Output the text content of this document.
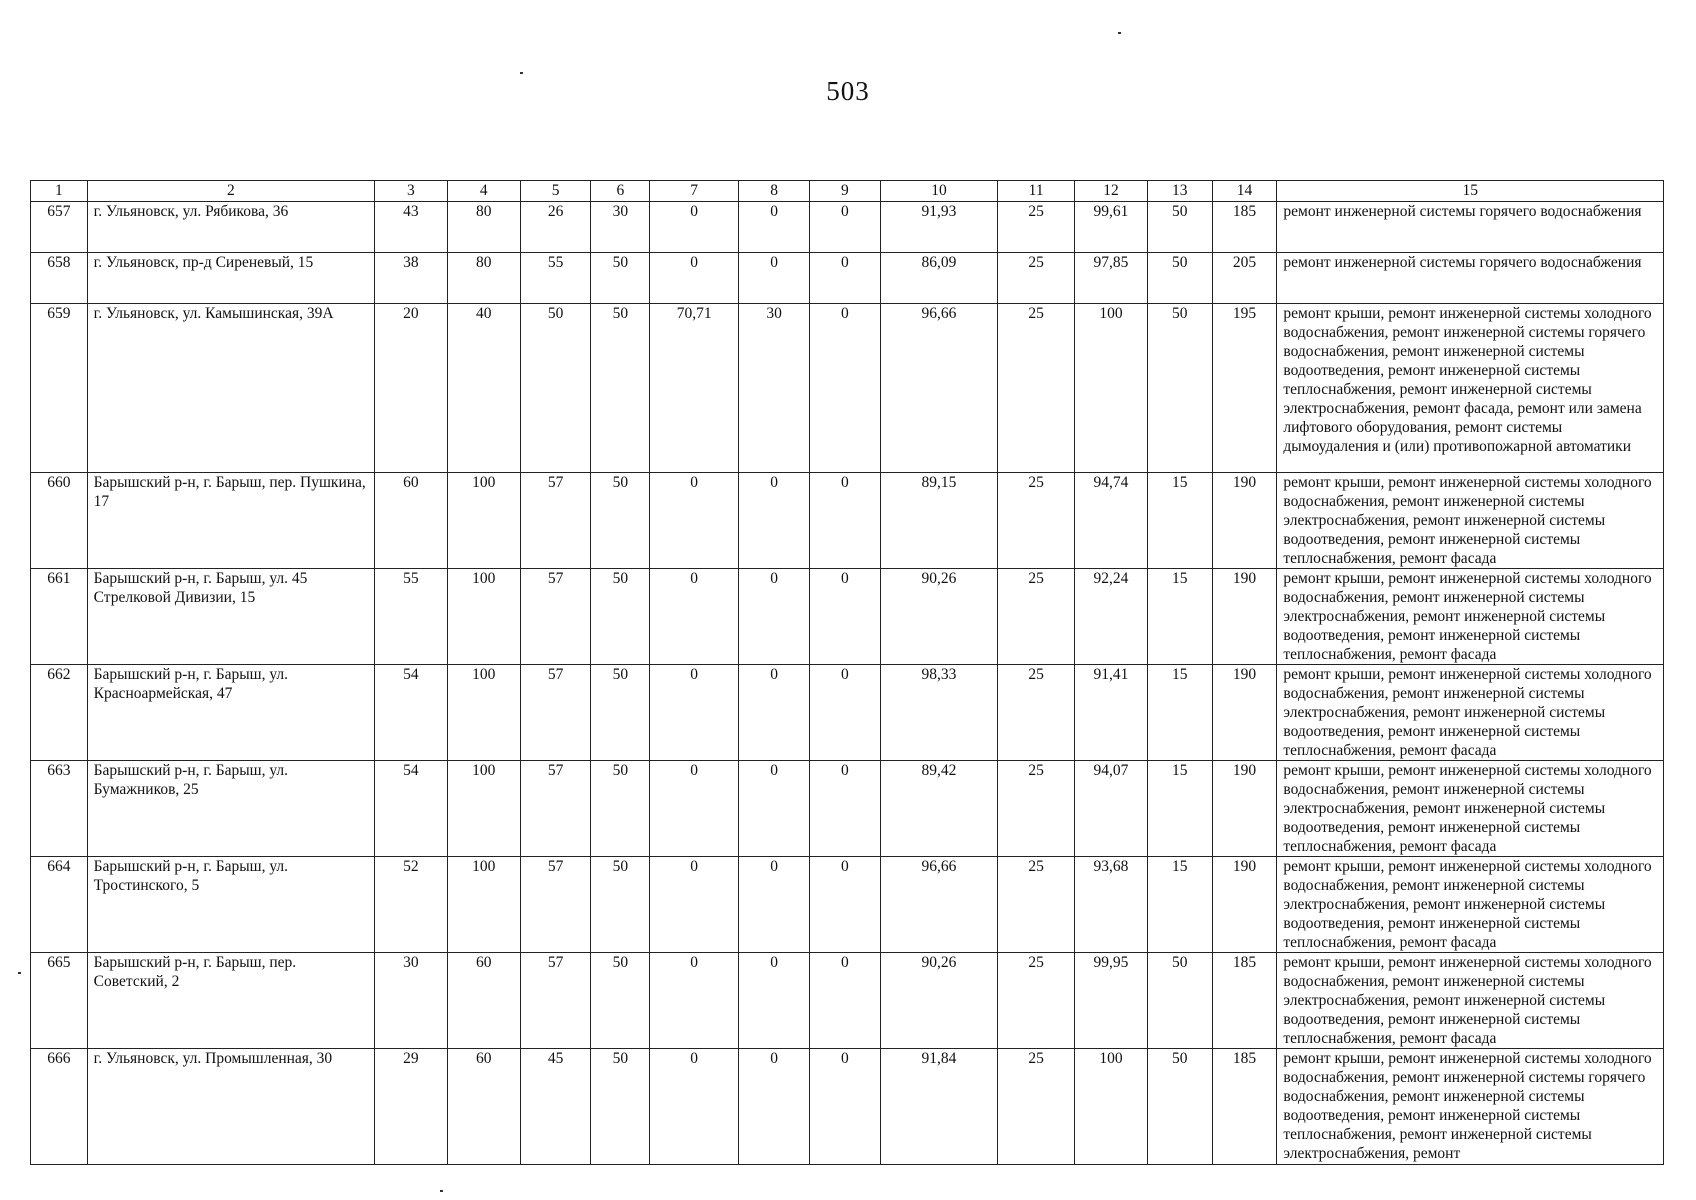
503
1	2	3	4	5	6	7	8	9	10	11	12	13	14	15
657	г. Ульяновск, ул. Рябикова, 36	43	80	26	30	0	0	0	91,93	25	99,61	50	185	ремонт инженерной системы горячего водоснабжения
658	г. Ульяновск, пр-д Сиреневый, 15	38	80	55	50	0	0	0	86,09	25	97,85	50	205	ремонт инженерной системы горячего водоснабжения
659	г. Ульяновск, ул. Камышинская, 39А	20	40	50	50	70,71	30	0	96,66	25	100	50	195	ремонт крыши, ремонт инженерной системы холодного водоснабжения, ремонт инженерной системы горячего водоснабжения, ремонт инженерной системы водоотведения, ремонт инженерной системы теплоснабжения, ремонт инженерной системы электроснабжения, ремонт фасада, ремонт или замена лифтового оборудования, ремонт системы дымоудаления и (или) противопожарной автоматики
660	Барышский р-н, г. Барыш, пер. Пушкина, 17	60	100	57	50	0	0	0	89,15	25	94,74	15	190	ремонт крыши, ремонт инженерной системы холодного водоснабжения, ремонт инженерной системы электроснабжения, ремонт инженерной системы водоотведения, ремонт инженерной системы теплоснабжения, ремонт фасада
661	Барышский р-н, г. Барыш, ул. 45 Стрелковой Дивизии, 15	55	100	57	50	0	0	0	90,26	25	92,24	15	190	ремонт крыши, ремонт инженерной системы холодного водоснабжения, ремонт инженерной системы электроснабжения, ремонт инженерной системы водоотведения, ремонт инженерной системы теплоснабжения, ремонт фасада
662	Барышский р-н, г. Барыш, ул. Красноармейская, 47	54	100	57	50	0	0	0	98,33	25	91,41	15	190	ремонт крыши, ремонт инженерной системы холодного водоснабжения, ремонт инженерной системы электроснабжения, ремонт инженерной системы водоотведения, ремонт инженерной системы теплоснабжения, ремонт фасада
663	Барышский р-н, г. Барыш, ул. Бумажников, 25	54	100	57	50	0	0	0	89,42	25	94,07	15	190	ремонт крыши, ремонт инженерной системы холодного водоснабжения, ремонт инженерной системы электроснабжения, ремонт инженерной системы водоотведения, ремонт инженерной системы теплоснабжения, ремонт фасада
664	Барышский р-н, г. Барыш, ул. Тростинского, 5	52	100	57	50	0	0	0	96,66	25	93,68	15	190	ремонт крыши, ремонт инженерной системы холодного водоснабжения, ремонт инженерной системы электроснабжения, ремонт инженерной системы водоотведения, ремонт инженерной системы теплоснабжения, ремонт фасада
665	Барышский р-н, г. Барыш, пер. Советский, 2	30	60	57	50	0	0	0	90,26	25	99,95	50	185	ремонт крыши, ремонт инженерной системы холодного водоснабжения, ремонт инженерной системы электроснабжения, ремонт инженерной системы водоотведения, ремонт инженерной системы теплоснабжения, ремонт фасада
666	г. Ульяновск, ул. Промышленная, 30	29	60	45	50	0	0	0	91,84	25	100	50	185	ремонт крыши, ремонт инженерной системы холодного водоснабжения, ремонт инженерной системы горячего водоснабжения, ремонт инженерной системы водоотведения, ремонт инженерной системы теплоснабжения, ремонт инженерной системы электроснабжения, ремонт
